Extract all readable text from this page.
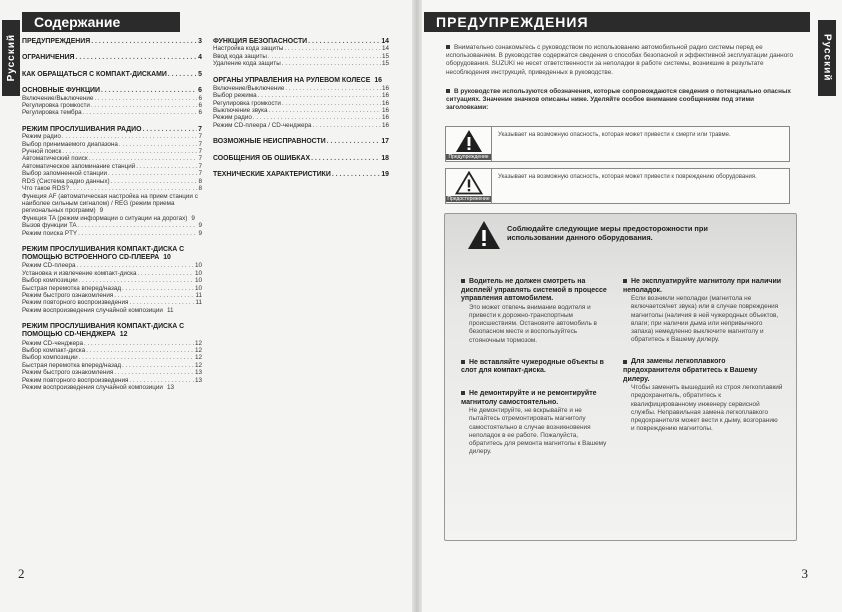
Русский	Русский
Содержание	ПРЕДУПРЕЖДЕНИЯ
ПРЕДУПРЕЖДЕНИЯ . . .	3
ОГРАНИЧЕНИЯ . . .	4
КАК ОБРАЩАТЬСЯ С КОМПАКТ-ДИСКАМИ . . .	5
ОСНОВНЫЕ ФУНКЦИИ . . .	6
Включение/Выключение . . .	6
Регулировка громкости . . .	6
Регулировка тембра . . .	6
РЕЖИМ ПРОСЛУШИВАНИЯ РАДИО . . .	7
Режим радио . . .	7
Выбор принимаемого диапазона . . .	7
Ручной поиск . . .	7
Автоматический поиск . . .	7
Автоматическое запоминание станций . . .	7
Выбор запомненной станции . . .	7
RDS (Система радио данных) . . .	8
Что такое RDS? . . .	8
Функция AF (автоматическая настройка на прием станции с наиболее сильным сигналом) / REG (режим приема региональных программ) 9
Функция TA (режим информации о ситуации на дорогах) 9
Вызов функции TA . . .	9
Режим поиска PTY . . .	9
РЕЖИМ ПРОСЛУШИВАНИЯ КОМПАКТ-ДИСКА С ПОМОЩЬЮ ВСТРОЕННОГО CD-ПЛЕЕРА 10
Режим CD-плеера . . .	10
Установка и извлечение компакт-диска . . .	10
Выбор композиции . . .	10
Быстрая перемотка вперед/назад . . .	10
Режим быстрого ознакомления . . .	11
Режим повторного воспроизведения . . .	11
Режим воспроизведения случайной композиции 11
РЕЖИМ ПРОСЛУШИВАНИЯ КОМПАКТ-ДИСКА С ПОМОЩЬЮ CD-ЧЕНДЖЕРА 12
Режим CD-ченджера . . .	12
Выбор компакт-диска . . .	12
Выбор композиции . . .	12
Быстрая перемотка вперед/назад . . .	12
Режим быстрого ознакомления . . .	13
Режим повторного воспроизведения . . .	13
Режим воспроизведения случайной композиции 13
ФУНКЦИЯ БЕЗОПАСНОСТИ . . .	14
Настройка кода защиты . . .	14
Ввод кода защиты . . .	15
Удаление кода защиты . . .	15
ОРГАНЫ УПРАВЛЕНИЯ НА РУЛЕВОМ КОЛЕСЕ 16
Включение/Выключение . . .	16
Выбор режима . . .	16
Регулировка громкости . . .	16
Выключение звука . . .	16
Режим радио . . .	16
Режим CD-плеера / CD-ченджера . . .	16
ВОЗМОЖНЫЕ НЕИСПРАВНОСТИ . . .	17
СООБЩЕНИЯ ОБ ОШИБКАХ . . .	18
ТЕХНИЧЕСКИЕ ХАРАКТЕРИСТИКИ . . .	19
2	3
Внимательно ознакомьтесь с руководством по использованию автомобильной радио системы перед ее использованием. В руководстве содержатся сведения о способах безопасной и эффективной эксплуатации данного оборудования. SUZUKI не несет ответственности за неполадки в работе системы, возникшие в результате несоблюдения инструкций, приведенных в руководстве.
В руководстве используются обозначения, которые сопровождаются сведения о потенциально опасных ситуациях. Значение значков описаны ниже. Уделяйте особое внимание сообщениям под этими заголовками:
Предупреждение
Указывает на возможную опасность, которая может привести к смерти или травме.
Предостережение
Указывает на возможную опасность, которая может привести к повреждению оборудования.
Соблюдайте следующие меры предосторожности при использовании данного оборудования.
Водитель не должен смотреть на дисплей/ управлять системой в процессе управления автомобилем.
Это может отвлечь внимание водителя и привести к дорожно-транспортным происшествиям. Остановите автомобиль в безопасном месте и воспользуйтесь стояночным тормозом.
Не вставляйте чужеродные объекты в слот для компакт-диска.
Не демонтируйте и не ремонтируйте магнитолу самостоятельно.
Не демонтируйте, не вскрывайте и не пытайтесь отремонтировать магнитолу самостоятельно в случае возникновения неполадок в ее работе. Пожалуйста, обратитесь для ремонта магнитолы к Вашему дилеру.
Не эксплуатируйте магнитолу при наличии неполадок.
Если возникли неполадки (магнитола не включается/нет звука) или в случае повреждения магнитолы (наличия в ней чужеродных объектов, влаги; при наличии дыма или непривычного запаха) немедленно выключите магнитолу и обратитесь к Вашему дилеру.
Для замены легкоплавкого предохранителя обратитесь к Вашему дилеру.
Чтобы заменить вышедший из строя легкоплавкий предохранитель, обратитесь к квалифицированному инженеру сервисной службы. Неправильная замена легкоплавкого предохранителя может вести к дыму, возгоранию и повреждению магнитолы.
